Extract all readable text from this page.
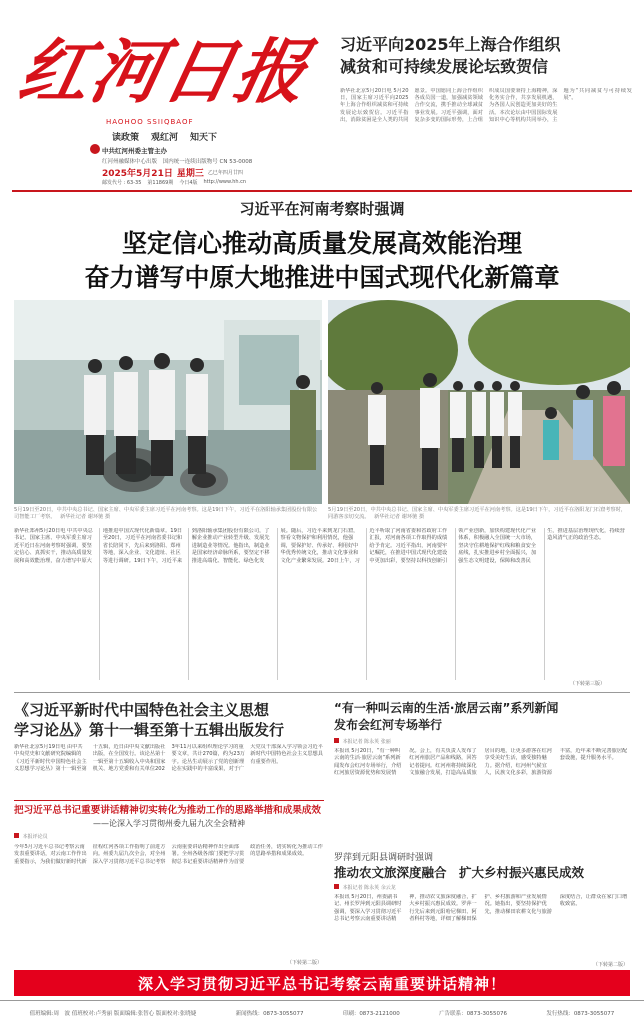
红河日报
HAOHOO SSIIQBAOF
读政策 观红河 知天下
中共红河州委主管主办
红河州融媒体中心出版 国内统一连续出版物号 CN 53-0008
2025年5月21日 星期三 乙巳年四月廿四
邮发代号 : 63-35 第11869期 今日4版 http://www.hh.cn
习近平向2025年上海合作组织
减贫和可持续发展论坛致贺信
新华社北京5月20日电 5月20日，国家主席习近平向2025年上海合作组织减贫和可持续发展论坛致贺信。习近平指出，消除贫困是全人类的共同愿景。中国愿同上海合作组织各成员国一道，加强减贫领域合作交流，携手推动全球减贫事业发展。习近平强调，面对复杂多变的国际形势，上合组织成员国要秉持上海精神，深化务实合作，共享发展机遇，为各国人民创造更加美好的生活。本次论坛由中国国际发展知识中心等机构共同举办，主题为“共同减贫与可持续发展”。
习近平在河南考察时强调
坚定信心推动高质量发展高效能治理
奋力谱写中原大地推进中国式现代化新篇章
5月19日至20日，中共中央总书记、国家主席、中央军委主席习近平在河南考察。这是19日下午，习近平在洛阳轴承集团股份有限公司智能工厂考察。 新华社记者 谢环驰 摄
5月19日至20日，中共中央总书记、国家主席、中央军委主席习近平在河南考察。这是19日下午，习近平在洛阳龙门石窟考察时，同游客亲切交流。 新华社记者 谢环驰 摄
新华社郑州5月20日电 中共中央总书记、国家主席、中央军委主席习近平近日在河南考察时强调，要坚定信心、真抓实干，推动高质量发展和高效能治理，奋力谱写中原大地推进中国式现代化新篇章。19日至20日，习近平在河南省委书记和省长陪同下，先后来到洛阳、郑州等地，深入企业、文化遗址、社区等进行调研。19日下午，习近平来到洛阳轴承集团股份有限公司，了解企业推动产业转型升级、发展先进制造业等情况。他指出，制造业是国家经济命脉所系，要坚定不移推进高端化、智能化、绿色化发展。随后，习近平来到龙门石窟，察看文物保护和利用情况，他强调，要保护好、传承好、利用好中华优秀传统文化，推动文化事业和文化产业繁荣发展。20日上午，习近平听取了河南省委和省政府工作汇报，对河南各项工作取得的成绩给予肯定。习近平指出，河南要牢记嘱托，在推进中国式现代化建设中更加出彩，要坚持以科技创新引领产业创新，加快构建现代化产业体系，积极融入全国统一大市场，坚决守住耕地保护红线和粮食安全底线，扎实推进乡村全面振兴，加强生态文明建设，保障和改善民生，推进基层治理现代化，持续营造风清气正的政治生态。
（下转第三版）
《习近平新时代中国特色社会主义思想
学习论丛》第十一辑至第十五辑出版发行
新华社北京5月19日电 由中共中央党史和文献研究院编辑的《习近平新时代中国特色社会主义思想学习论丛》第十一辑至第十五辑，近日由中央文献出版社出版，在全国发行。该论丛第十一辑至第十五辑收入中央和国家机关、地方党委和有关单位2023年11月以来组织理论学习的重要文章，共计270篇，约为23万字。论丛生动展示了党的创新理论在实践中的丰富成果，对于广大党员干部深入学习领会习近平新时代中国特色社会主义思想具有重要作用。
“有一种叫云南的生活·旅居云南”系列新闻
发布会红河专场举行
本报记者 陈永英 张丽
本报讯 5月20日，“有一种叫云南的生活·旅居云南”系列新闻发布会红河专场举行，介绍红河旅居资源优势和发展情况。会上，有关负责人发布了红河州旅居产品和线路，回答记者提问。红河州将持续深化文旅融合发展，打造高品质旅居目的地，让更多游客在红河享受美好生活，感受独特魅力。据介绍，红河州气候宜人，民族文化多彩，旅游资源丰富，近年来不断完善旅居配套设施，提升服务水平。
把习近平总书记重要讲话精神切实转化为推动工作的思路举措和成果成效
——论深入学习贯彻州委九届九次全会精神
本报评论员
今年5月习近平总书记考察云南发表重要讲话，对云南工作作出重要指示，为我们做好新时代新征程红河各项工作指明了前进方向。州委九届九次全会，对全州深入学习贯彻习近平总书记考察云南重要讲话精神作出全面部署。全州各级各部门要把学习贯彻总书记重要讲话精神作为首要政治任务，切实转化为推动工作的思路举措和成果成效。
（下转第二版）
罗萍到元阳县调研时强调
推动农文旅深度融合　扩大乡村振兴惠民成效
本报记者 陈永英 余云龙
本报讯 5月20日，州委副书记、州长罗萍到元阳县调研时强调，要深入学习贯彻习近平总书记考察云南重要讲话精神，推动农文旅深度融合，扩大乡村振兴惠民成效。罗萍一行先后来到元阳哈尼梯田、阿者科村等地，详细了解梯田保护、乡村旅游和产业发展情况。她指出，要坚持保护优先，推动梯田农耕文化与旅游深度结合，让群众在家门口增收致富。
（下转第二版）
深入学习贯彻习近平总书记考察云南重要讲话精神！
值班编辑:周　波 值班校对:卢秀丽 版面编辑:张智心 版面校对:张晓婕	新闻热线：0873-3055077	印刷：0873-2121000	广告联系：0873-3055076	发行热线：0873-3055077
